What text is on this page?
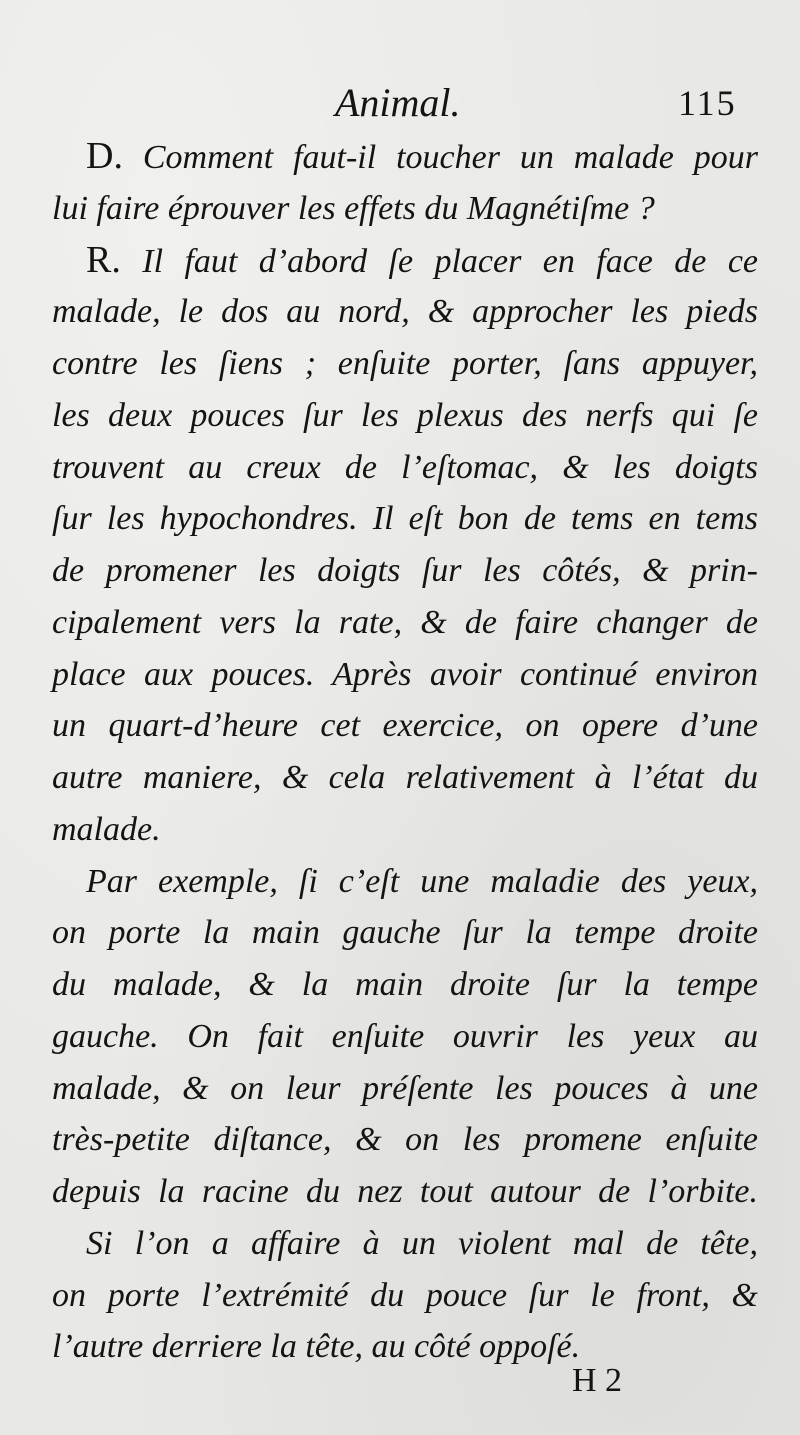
Animal.	115
D. Comment faut-il toucher un malade pour
lui faire éprouver les effets du Magnétiſme ?
R. Il faut d’abord ſe placer en face de ce
malade, le dos au nord, & approcher les pieds
contre les ſiens ; enſuite porter, ſans appuyer,
les deux pouces ſur les plexus des nerfs qui ſe
trouvent au creux de l’eſtomac, & les doigts
ſur les hypochondres. Il eſt bon de tems en tems
de promener les doigts ſur les côtés, & prin-
cipalement vers la rate, & de faire changer de
place aux pouces. Après avoir continué environ
un quart-d’heure cet exercice, on opere d’une
autre maniere, & cela relativement à l’état du
malade.
Par exemple, ſi c’eſt une maladie des yeux,
on porte la main gauche ſur la tempe droite
du malade, & la main droite ſur la tempe
gauche. On fait enſuite ouvrir les yeux au
malade, & on leur préſente les pouces à une
très-petite diſtance, & on les promene enſuite
depuis la racine du nez tout autour de l’orbite.
Si l’on a affaire à un violent mal de tête,
on porte l’extrémité du pouce ſur le front, &
l’autre derriere la tête, au côté oppoſé.
H 2
